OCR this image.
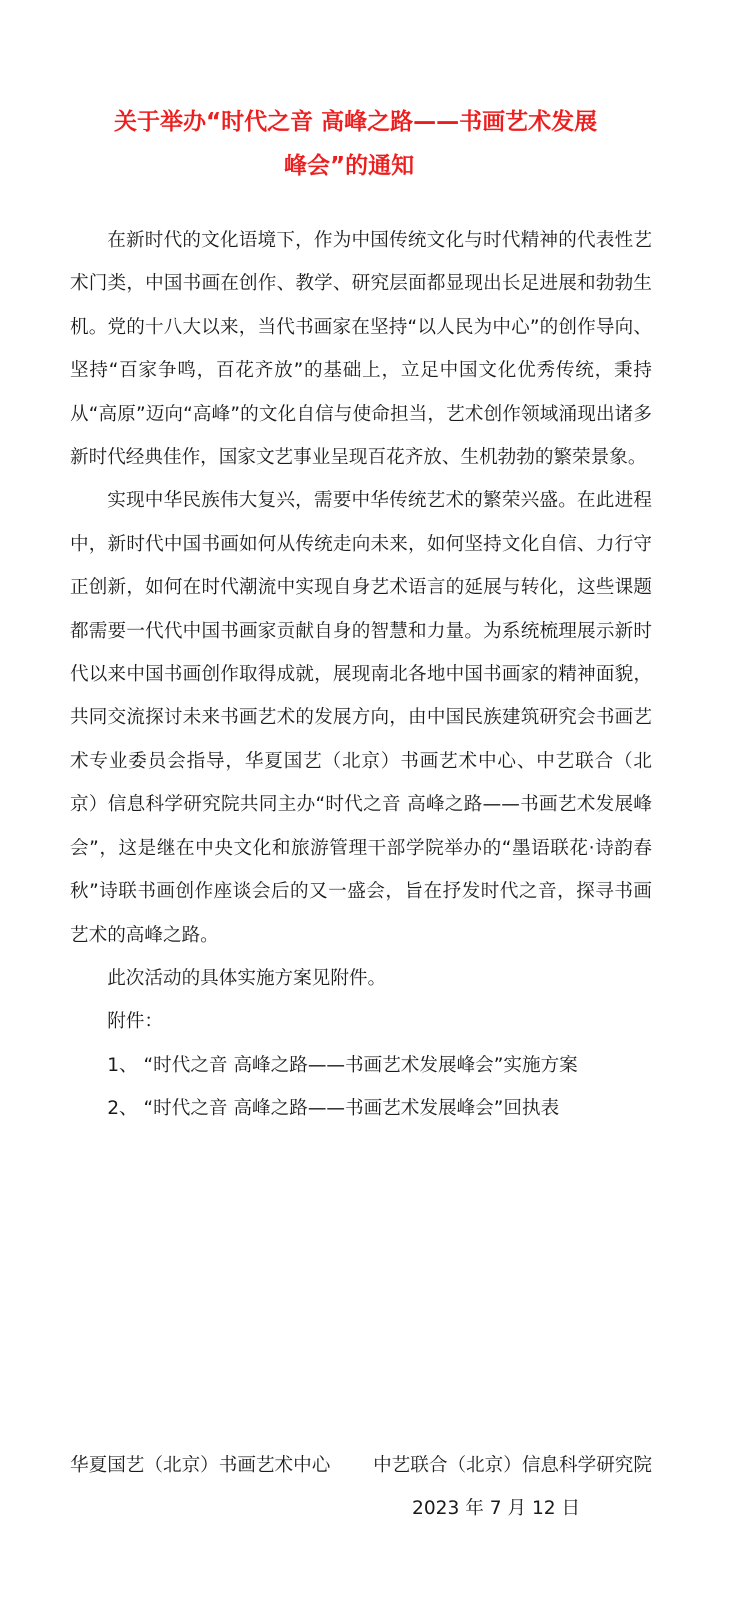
关于举办“时代之音 高峰之路——书画艺术发展
峰会”的通知

在新时代的文化语境下，作为中国传统文化与时代精神的代表性艺术门类，中国书画在创作、教学、研究层面都显现出长足进展和勃勃生机。党的十八大以来，当代书画家在坚持“以人民为中心”的创作导向、坚持“百家争鸣，百花齐放”的基础上，立足中国文化优秀传统，秉持从“高原”迈向“高峰”的文化自信与使命担当，艺术创作领域涌现出诸多新时代经典佳作，国家文艺事业呈现百花齐放、生机勃勃的繁荣景象。

实现中华民族伟大复兴，需要中华传统艺术的繁荣兴盛。在此进程中，新时代中国书画如何从传统走向未来，如何坚持文化自信、力行守正创新，如何在时代潮流中实现自身艺术语言的延展与转化，这些课题都需要一代代中国书画家贡献自身的智慧和力量。为系统梳理展示新时代以来中国书画创作取得成就，展现南北各地中国书画家的精神面貌，共同交流探讨未来书画艺术的发展方向，由中国民族建筑研究会书画艺术专业委员会指导，华夏国艺（北京）书画艺术中心、中艺联合（北京）信息科学研究院共同主办“时代之音 高峰之路——书画艺术发展峰会”，这是继在中央文化和旅游管理干部学院举办的“墨语联花·诗韵春秋”诗联书画创作座谈会后的又一盛会，旨在抒发时代之音，探寻书画艺术的高峰之路。

此次活动的具体实施方案见附件。

附件：

1、 “时代之音 高峰之路——书画艺术发展峰会”实施方案

2、 “时代之音 高峰之路——书画艺术发展峰会”回执表

华夏国艺（北京）书画艺术中心 中艺联合（北京）信息科学研究院
2023 年 7 月 12 日
